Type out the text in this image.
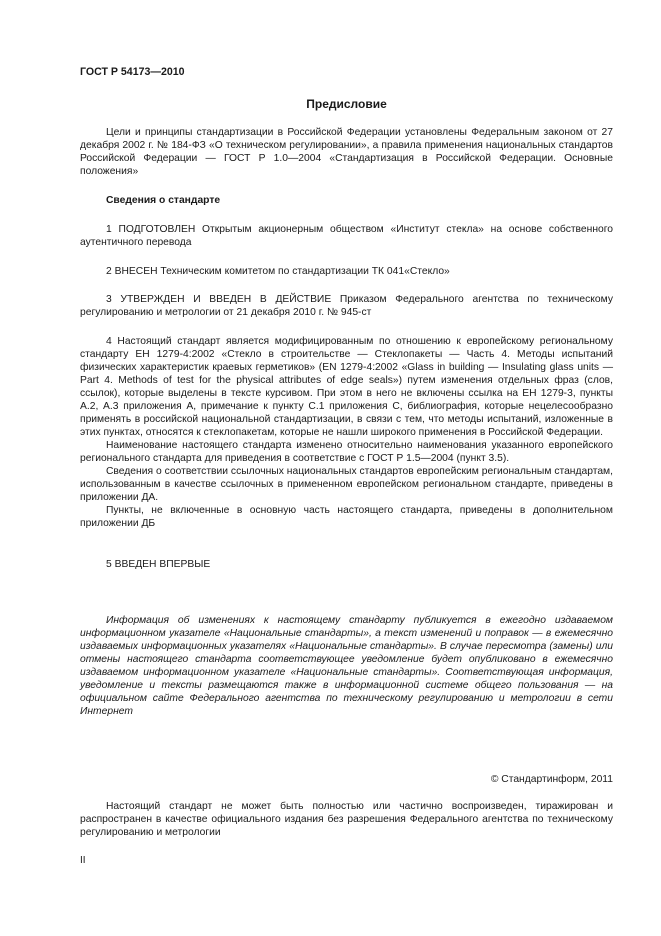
ГОСТ Р 54173—2010
Предисловие

Цели и принципы стандартизации в Российской Федерации установлены Федеральным законом от 27 декабря 2002 г. № 184-ФЗ «О техническом регулировании», а правила применения национальных стандартов Российской Федерации — ГОСТ Р 1.0—2004 «Стандартизация в Российской Федерации. Основные положения»

Сведения о стандарте

1 ПОДГОТОВЛЕН Открытым акционерным обществом «Институт стекла» на основе собственного аутентичного перевода

2 ВНЕСЕН Техническим комитетом по стандартизации ТК 041«Стекло»

3 УТВЕРЖДЕН И ВВЕДЕН В ДЕЙСТВИЕ Приказом Федерального агентства по техническому регулированию и метрологии от 21 декабря 2010 г. № 945-ст

4 Настоящий стандарт является модифицированным по отношению к европейскому региональному стандарту ЕН 1279-4:2002 «Стекло в строительстве — Стеклопакеты — Часть 4. Методы испытаний физических характеристик краевых герметиков» (EN 1279-4:2002 «Glass in building — Insulating glass units — Part 4. Methods of test for the physical attributes of edge seals») путем изменения отдельных фраз (слов, ссылок), которые выделены в тексте курсивом. При этом в него не включены ссылка на ЕН 1279-3, пункты А.2, А.3 приложения А, примечание к пункту С.1 приложения С, библиография, которые нецелесообразно применять в российской национальной стандартизации, в связи с тем, что методы испытаний, изложенные в этих пунктах, относятся к стеклопакетам, которые не нашли широкого применения в Российской Федерации.

Наименование настоящего стандарта изменено относительно наименования указанного европейского регионального стандарта для приведения в соответствие с ГОСТ Р 1.5—2004 (пункт 3.5).

Сведения о соответствии ссылочных национальных стандартов европейским региональным стандартам, использованным в качестве ссылочных в примененном европейском региональном стандарте, приведены в приложении ДА.

Пункты, не включенные в основную часть настоящего стандарта, приведены в дополнительном приложении ДБ

5 ВВЕДЕН ВПЕРВЫЕ

Информация об изменениях к настоящему стандарту публикуется в ежегодно издаваемом информационном указателе «Национальные стандарты», а текст изменений и поправок — в ежемесячно издаваемых информационных указателях «Национальные стандарты». В случае пересмотра (замены) или отмены настоящего стандарта соответствующее уведомление будет опубликовано в ежемесячно издаваемом информационном указателе «Национальные стандарты». Соответствующая информация, уведомление и тексты размещаются также в информационной системе общего пользования — на официальном сайте Федерального агентства по техническому регулированию и метрологии в сети Интернет

© Стандартинформ, 2011

Настоящий стандарт не может быть полностью или частично воспроизведен, тиражирован и распространен в качестве официального издания без разрешения Федерального агентства по техническому регулированию и метрологии

II
